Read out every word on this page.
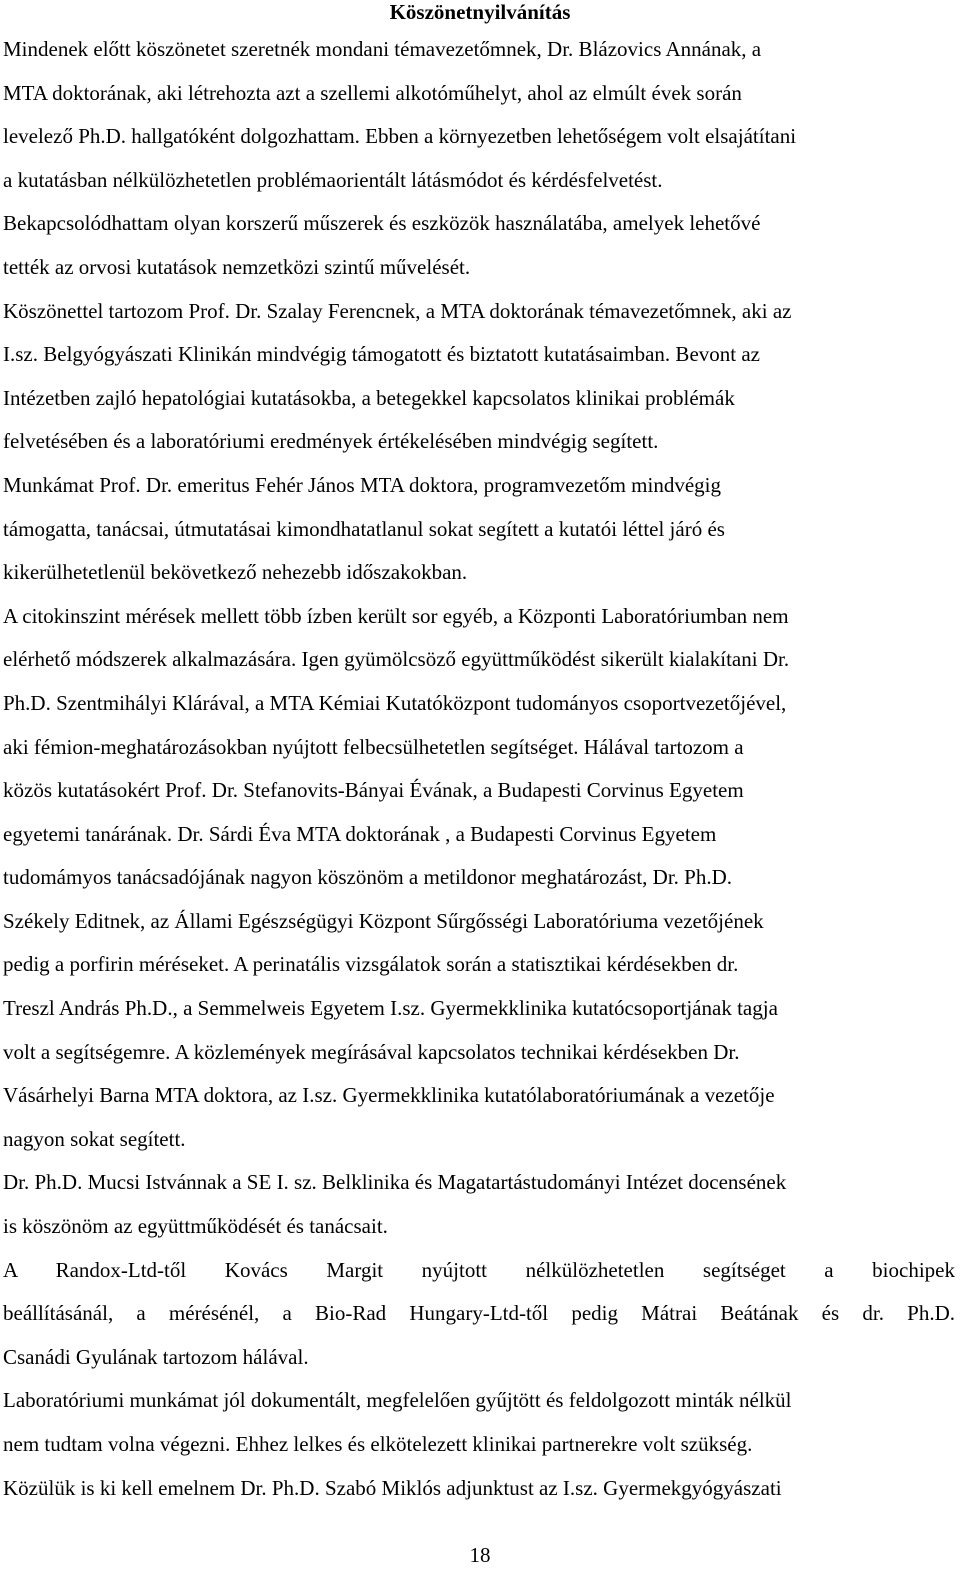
Köszönetnyilvánítás
Mindenek előtt köszönetet szeretnék mondani témavezetőmnek, Dr. Blázovics Annának, a
MTA doktorának, aki létrehozta azt a szellemi alkotóműhelyt, ahol az elmúlt évek során
levelező Ph.D. hallgatóként dolgozhattam. Ebben a környezetben lehetőségem volt elsajátítani
a kutatásban nélkülözhetetlen problémaorientált látásmódot és kérdésfelvetést.
Bekapcsolódhattam olyan korszerű műszerek és eszközök használatába, amelyek lehetővé
tették az orvosi kutatások nemzetközi szintű művelését.
Köszönettel tartozom Prof. Dr. Szalay Ferencnek, a MTA doktorának témavezetőmnek, aki az
I.sz. Belgyógyászati Klinikán mindvégig támogatott és biztatott kutatásaimban. Bevont az
Intézetben zajló hepatológiai kutatásokba, a betegekkel kapcsolatos klinikai problémák
felvetésében és a laboratóriumi eredmények értékelésében mindvégig segített.
Munkámat Prof. Dr. emeritus Fehér János MTA doktora, programvezetőm mindvégig
támogatta, tanácsai, útmutatásai kimondhatatlanul sokat segített a kutatói léttel járó és
kikerülhetetlenül bekövetkező nehezebb időszakokban.
A citokinszint mérések mellett több ízben került sor egyéb, a Központi Laboratóriumban nem
elérhető módszerek alkalmazására. Igen gyümölcsöző együttműködést sikerült kialakítani Dr.
Ph.D. Szentmihályi Klárával, a MTA Kémiai Kutatóközpont tudományos csoportvezetőjével,
aki fémion-meghatározásokban nyújtott felbecsülhetetlen segítséget. Hálával tartozom a
közös kutatásokért Prof. Dr. Stefanovits-Bányai Évának, a Budapesti Corvinus Egyetem
egyetemi tanárának. Dr. Sárdi Éva MTA doktorának , a Budapesti Corvinus Egyetem
tudomámyos tanácsadójának nagyon köszönöm a metildonor meghatározást, Dr. Ph.D.
Székely Editnek, az Állami Egészségügyi Központ Sűrgősségi Laboratóriuma vezetőjének
pedig a porfirin méréseket. A perinatális vizsgálatok során a statisztikai kérdésekben dr.
Treszl András Ph.D., a Semmelweis Egyetem I.sz. Gyermekklinika kutatócsoportjának tagja
volt a segítségemre. A közlemények megírásával kapcsolatos technikai kérdésekben Dr.
Vásárhelyi Barna MTA doktora, az I.sz. Gyermekklinika kutatólaboratóriumának a vezetője
nagyon sokat segített.
Dr. Ph.D. Mucsi Istvánnak a SE I. sz. Belklinika és Magatartástudományi Intézet docensének
is köszönöm az együttműködését és tanácsait.
A Randox-Ltd-től Kovács Margit nyújtott nélkülözhetetlen segítséget a biochipek
beállításánál, a mérésénél, a Bio-Rad Hungary-Ltd-től pedig Mátrai Beátának és dr. Ph.D.
Csanádi Gyulának tartozom hálával.
Laboratóriumi munkámat jól dokumentált, megfelelően gyűjtött és feldolgozott minták nélkül
nem tudtam volna végezni. Ehhez lelkes és elkötelezett klinikai partnerekre volt szükség.
Közülük is ki kell emelnem Dr. Ph.D. Szabó Miklós adjunktust az I.sz. Gyermekgyógyászati
18
